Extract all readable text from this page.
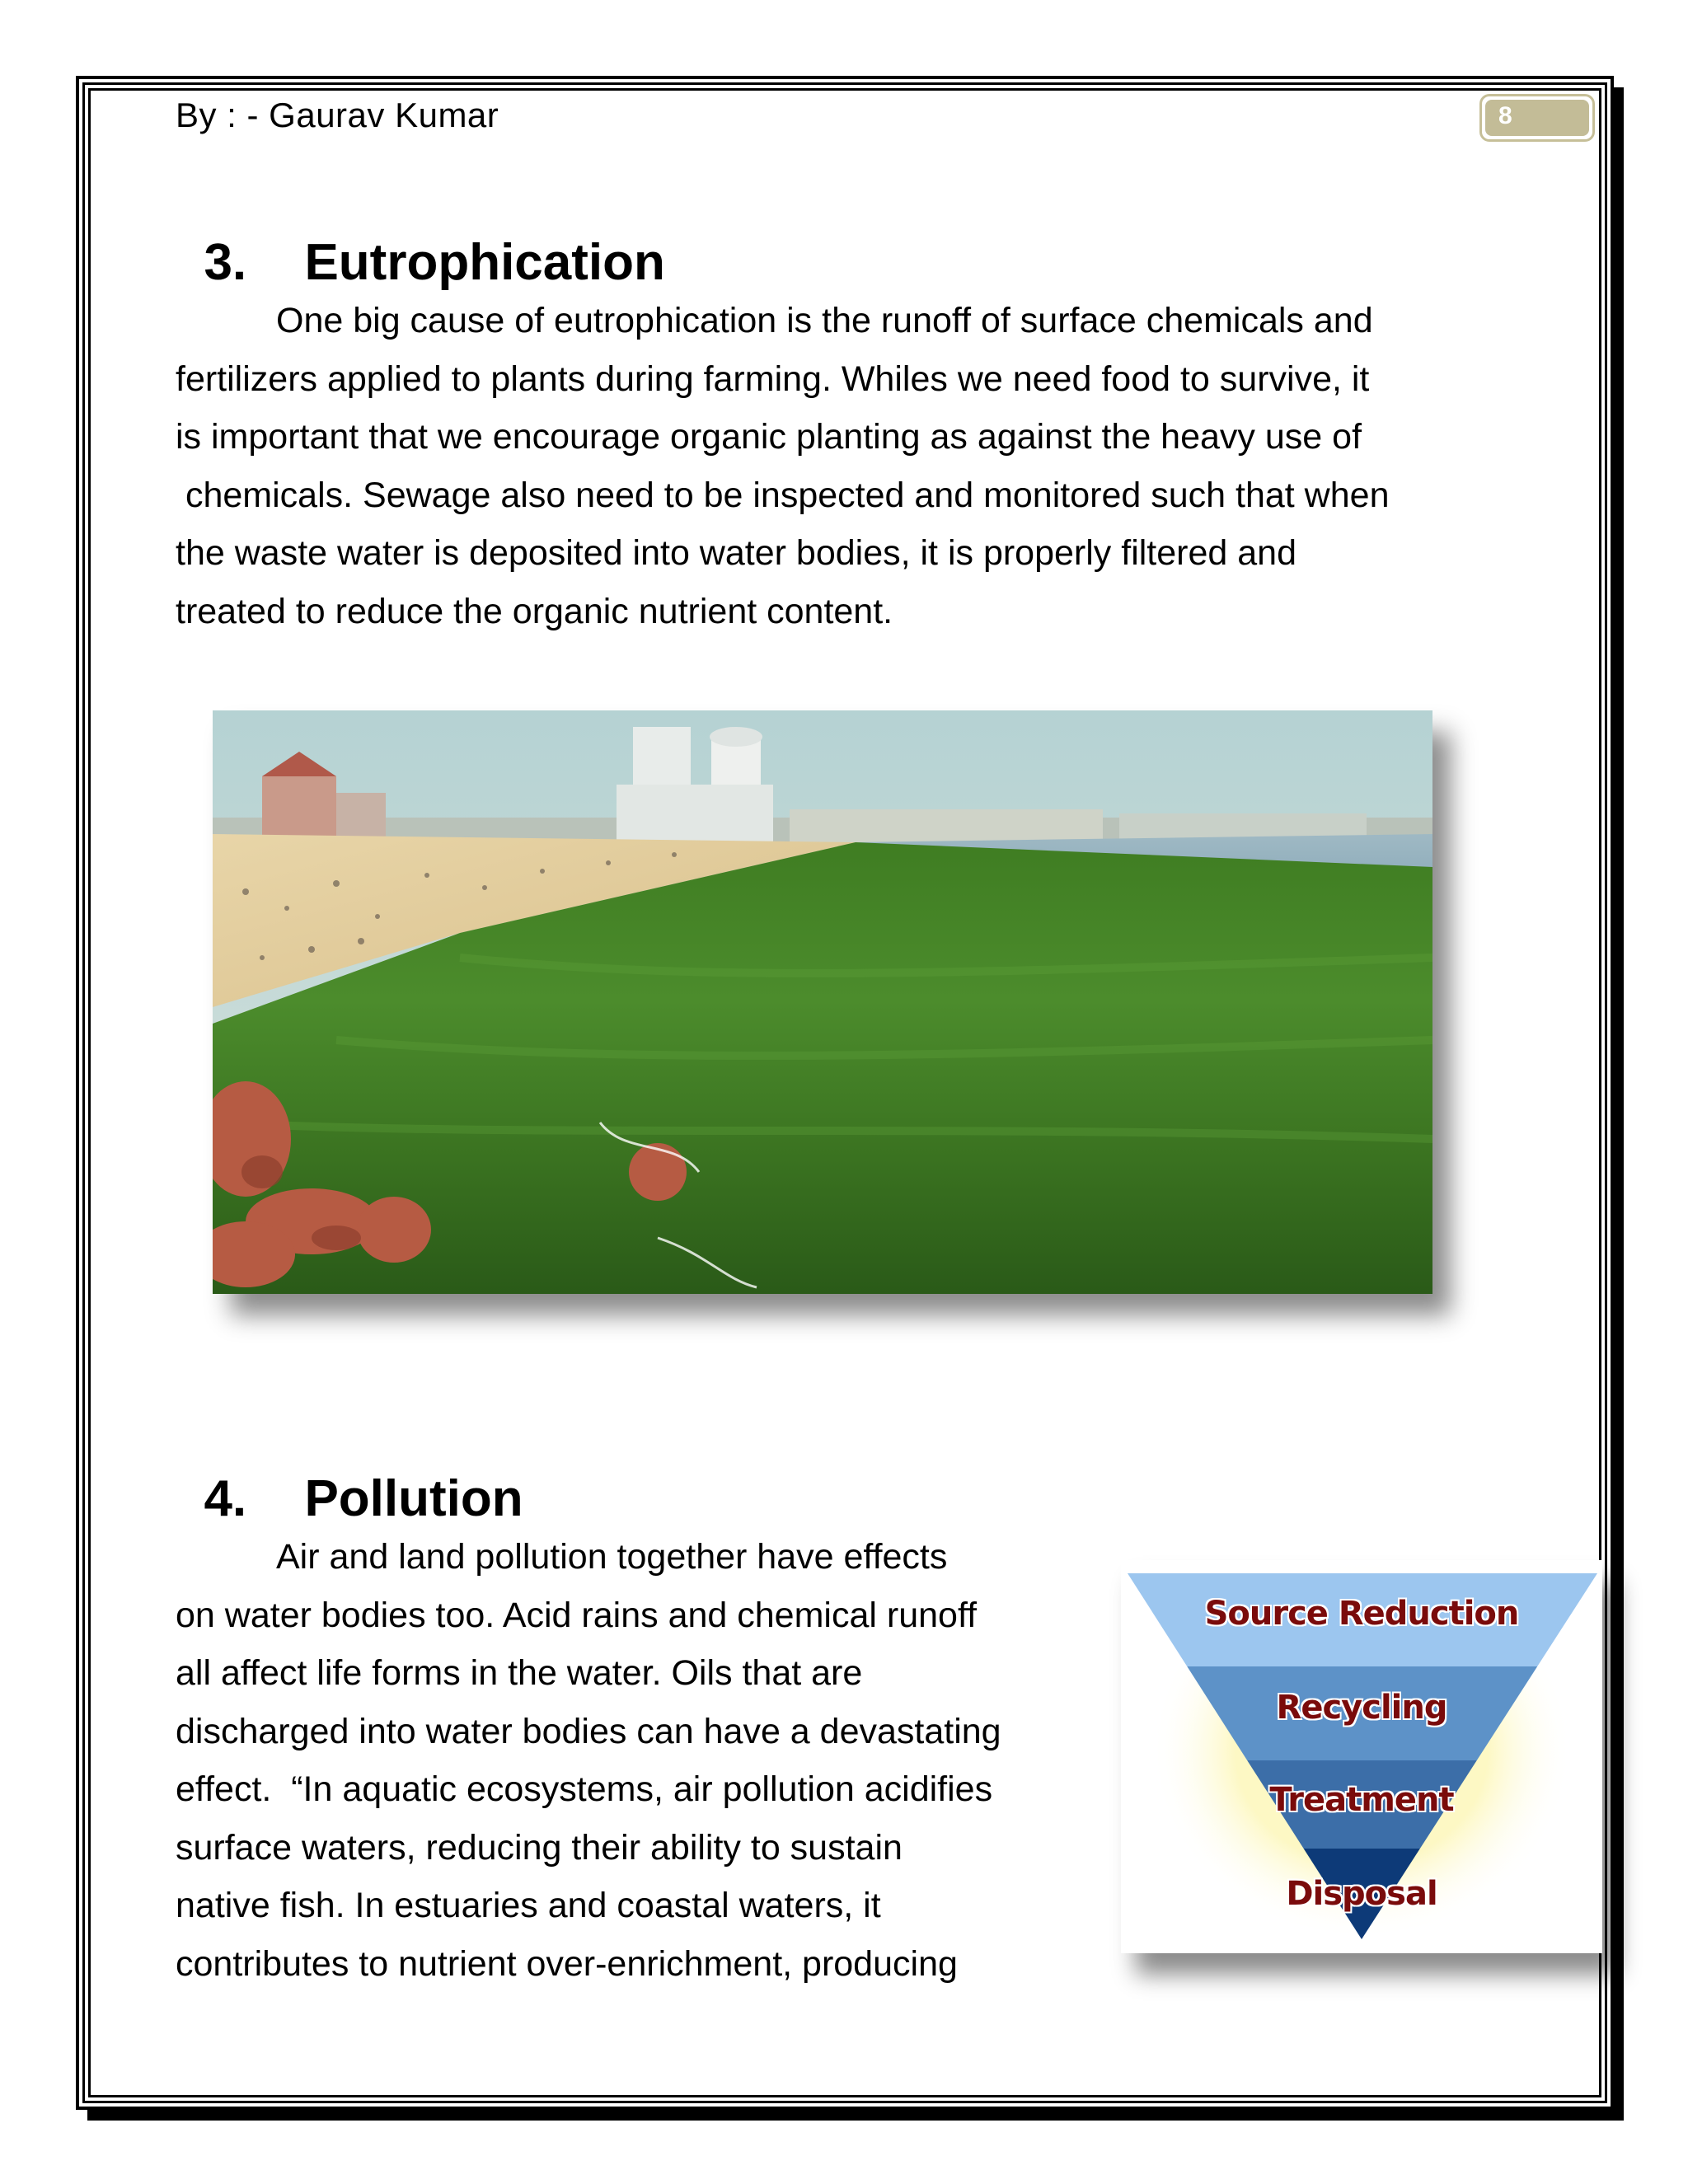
By : - Gaurav Kumar	8

3. Eutrophication

One big cause of eutrophication is the runoff of surface chemicals and
fertilizers applied to plants during farming. Whiles we need food to survive, it
is important that we encourage organic planting as against the heavy use of
chemicals. Sewage also need to be inspected and monitored such that when
the waste water is deposited into water bodies, it is properly filtered and
treated to reduce the organic nutrient content.

4. Pollution

Air and land pollution together have effects
on water bodies too. Acid rains and chemical runoff
all affect life forms in the water. Oils that are
discharged into water bodies can have a devastating
effect.  “In aquatic ecosystems, air pollution acidifies
surface waters, reducing their ability to sustain
native fish. In estuaries and coastal waters, it
contributes to nutrient over-enrichment, producing
Source Reduction
Recycling
Treatment
Disposal
